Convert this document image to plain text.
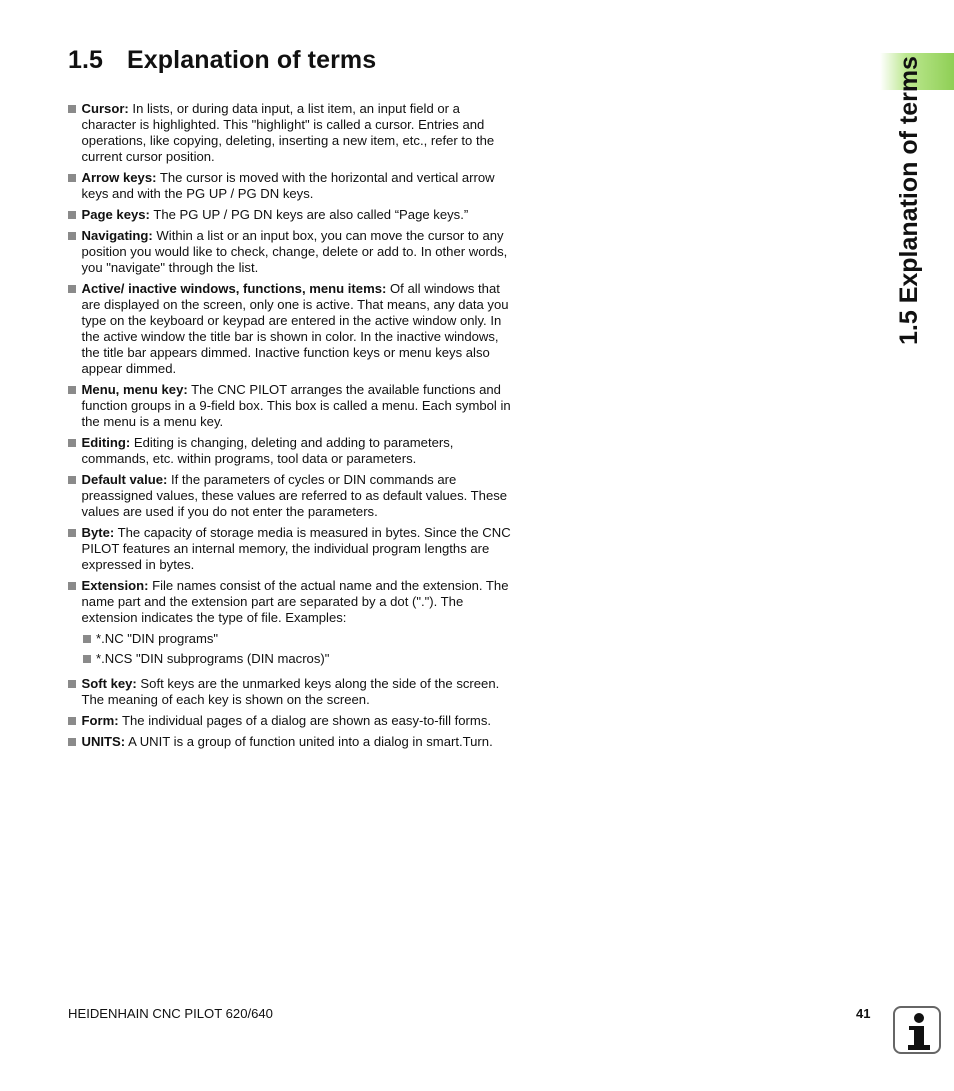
1.5 Explanation of terms	1.5 Explanation of terms
Cursor: In lists, or during data input, a list item, an input field or a character is highlighted. This "highlight" is called a cursor. Entries and operations, like copying, deleting, inserting a new item, etc., refer to the current cursor position.
Arrow keys: The cursor is moved with the horizontal and vertical arrow keys and with the PG UP / PG DN keys.
Page keys: The PG UP / PG DN keys are also called “Page keys.”
Navigating: Within a list or an input box, you can move the cursor to any position you would like to check, change, delete or add to. In other words, you "navigate" through the list.
Active/ inactive windows, functions, menu items: Of all windows that are displayed on the screen, only one is active. That means, any data you type on the keyboard or keypad are entered in the active window only. In the active window the title bar is shown in color. In the inactive windows, the title bar appears dimmed. Inactive function keys or menu keys also appear dimmed.
Menu, menu key: The CNC PILOT arranges the available functions and function groups in a 9-field box. This box is called a menu. Each symbol in the menu is a menu key.
Editing: Editing is changing, deleting and adding to parameters, commands, etc. within programs, tool data or parameters.
Default value: If the parameters of cycles or DIN commands are preassigned values, these values are referred to as default values. These values are used if you do not enter the parameters.
Byte: The capacity of storage media is measured in bytes. Since the CNC PILOT features an internal memory, the individual program lengths are expressed in bytes.
Extension: File names consist of the actual name and the extension. The name part and the extension part are separated by a dot ("."). The extension indicates the type of file. Examples:
*.NC "DIN programs"
*.NCS "DIN subprograms (DIN macros)"
Soft key: Soft keys are the unmarked keys along the side of the screen. The meaning of each key is shown on the screen.
Form: The individual pages of a dialog are shown as easy-to-fill forms.
UNITS: A UNIT is a group of function united into a dialog in smart.Turn.
HEIDENHAIN CNC PILOT 620/640	41
